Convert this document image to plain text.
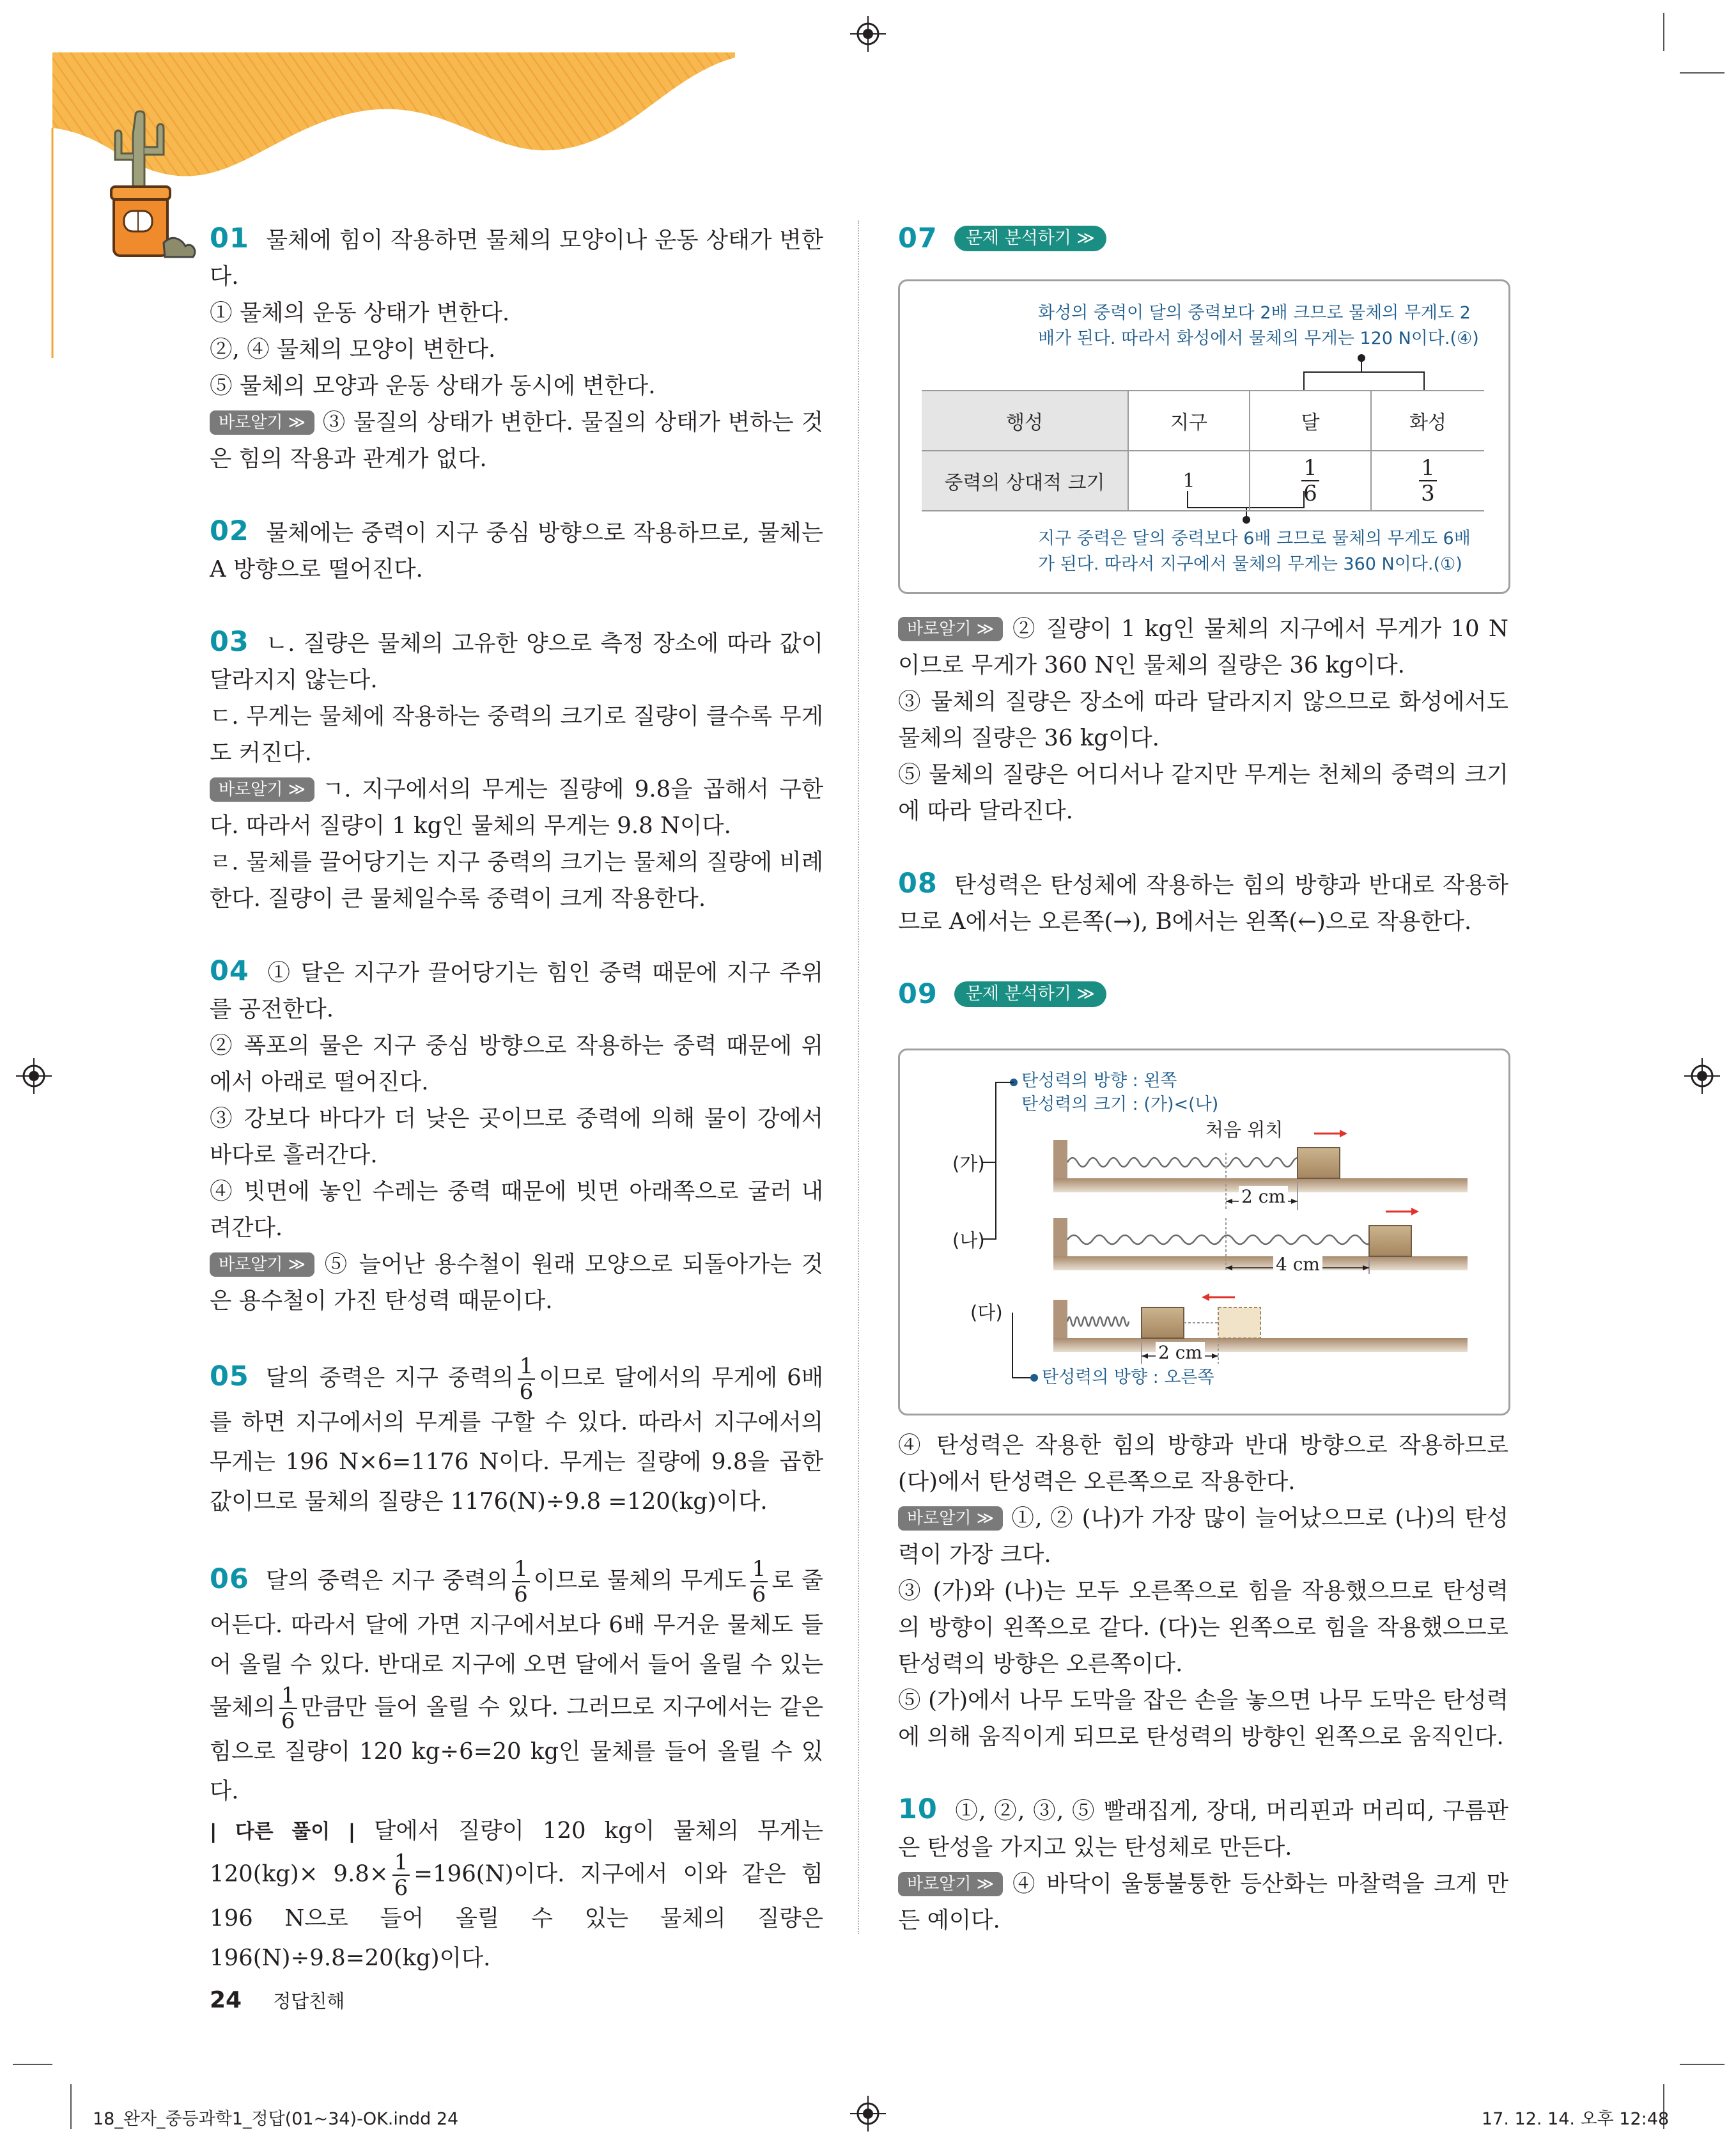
01 물체에 힘이 작용하면 물체의 모양이나 운동 상태가 변한다.

① 물체의 운동 상태가 변한다.

②, ④ 물체의 모양이 변한다.

⑤ 물체의 모양과 운동 상태가 동시에 변한다.

바로알기 ≫ ③ 물질의 상태가 변한다. 물질의 상태가 변하는 것은 힘의 작용과 관계가 없다.

02 물체에는 중력이 지구 중심 방향으로 작용하므로, 물체는 A 방향으로 떨어진다.

03 ㄴ. 질량은 물체의 고유한 양으로 측정 장소에 따라 값이 달라지지 않는다.

ㄷ. 무게는 물체에 작용하는 중력의 크기로 질량이 클수록 무게도 커진다.

바로알기 ≫ ㄱ. 지구에서의 무게는 질량에 9.8을 곱해서 구한다. 따라서 질량이 1 kg인 물체의 무게는 9.8 N이다.

ㄹ. 물체를 끌어당기는 지구 중력의 크기는 물체의 질량에 비례한다. 질량이 큰 물체일수록 중력이 크게 작용한다.

04 ① 달은 지구가 끌어당기는 힘인 중력 때문에 지구 주위를 공전한다.

② 폭포의 물은 지구 중심 방향으로 작용하는 중력 때문에 위에서 아래로 떨어진다.

③ 강보다 바다가 더 낮은 곳이므로 중력에 의해 물이 강에서 바다로 흘러간다.

④ 빗면에 놓인 수레는 중력 때문에 빗면 아래쪽으로 굴러 내려간다.

바로알기 ≫ ⑤ 늘어난 용수철이 원래 모양으로 되돌아가는 것은 용수철이 가진 탄성력 때문이다.

05 달의 중력은 지구 중력의 $\frac{1}{6}$ 이므로 달에서의 무게에 6배를 하면 지구에서의 무게를 구할 수 있다. 따라서 지구에서의 무게는 196 N×6=1176 N이다. 무게는 질량에 9.8을 곱한 값이므로 물체의 질량은 1176(N)÷9.8 =120(kg)이다.

06 달의 중력은 지구 중력의 $\frac{1}{6}$ 이므로 물체의 무게도 $\frac{1}{6}$ 로 줄어든다. 따라서 달에 가면 지구에서보다 6배 무거운 물체도 들어 올릴 수 있다. 반대로 지구에 오면 달에서 들어 올릴 수 있는 물체의 $\frac{1}{6}$ 만큼만 들어 올릴 수 있다. 그러므로 지구에서는 같은 힘으로 질량이 120 kg÷6=20 kg인 물체를 들어 올릴 수 있다.

| 다른 풀이 | 달에서 질량이 120 kg이 물체의 무게는 $120(kg)\times 9.8\times \frac{1}{6} =196(N)$이다. 지구에서 이와 같은 힘 196 N으로 들어 올릴 수 있는 물체의 질량은 196(N)÷9.8=20(kg)이다.

07 문제 분석하기 ≫

화성의 중력이 달의 중력보다 2배 크므로 물체의 무게도 2배가 된다. 따라서 화성에서 물체의 무게는 120 N이다.(④)
행성	지구	달	화성
중력의 상대적 크기	1	$\frac{1}{6}$	$\frac{1}{3}$
지구 중력은 달의 중력보다 6배 크므로 물체의 무게도 6배가 된다. 따라서 지구에서 물체의 무게는 360 N이다.(①)

바로알기 ≫ ② 질량이 1 kg인 물체의 지구에서 무게가 10 N이므로 무게가 360 N인 물체의 질량은 36 kg이다.

③ 물체의 질량은 장소에 따라 달라지지 않으므로 화성에서도 물체의 질량은 36 kg이다.

⑤ 물체의 질량은 어디서나 같지만 무게는 천체의 중력의 크기에 따라 달라진다.

08 탄성력은 탄성체에 작용하는 힘의 방향과 반대로 작용하므로 A에서는 오른쪽(→), B에서는 왼쪽(←)으로 작용한다.

09 문제 분석하기 ≫

탄성력의 방향 : 왼쪽
탄성력의 크기 : (가)<(나)
처음 위치
(가)
(나)
(다)
2 cm
4 cm
2 cm
탄성력의 방향 : 오른쪽

④ 탄성력은 작용한 힘의 방향과 반대 방향으로 작용하므로 (다)에서 탄성력은 오른쪽으로 작용한다.

바로알기 ≫ ①, ② (나)가 가장 많이 늘어났으므로 (나)의 탄성력이 가장 크다.

③ (가)와 (나)는 모두 오른쪽으로 힘을 작용했으므로 탄성력의 방향이 왼쪽으로 같다. (다)는 왼쪽으로 힘을 작용했으므로 탄성력의 방향은 오른쪽이다.

⑤ (가)에서 나무 도막을 잡은 손을 놓으면 나무 도막은 탄성력에 의해 움직이게 되므로 탄성력의 방향인 왼쪽으로 움직인다.

10 ①, ②, ③, ⑤ 빨래집게, 장대, 머리핀과 머리띠, 구름판은 탄성을 가지고 있는 탄성체로 만든다.

바로알기 ≫ ④ 바닥이 울퉁불퉁한 등산화는 마찰력을 크게 만든 예이다.

24 정답친해
18_완자_중등과학1_정답(01~34)-OK.indd 24	17. 12. 14. 오후 12:48
